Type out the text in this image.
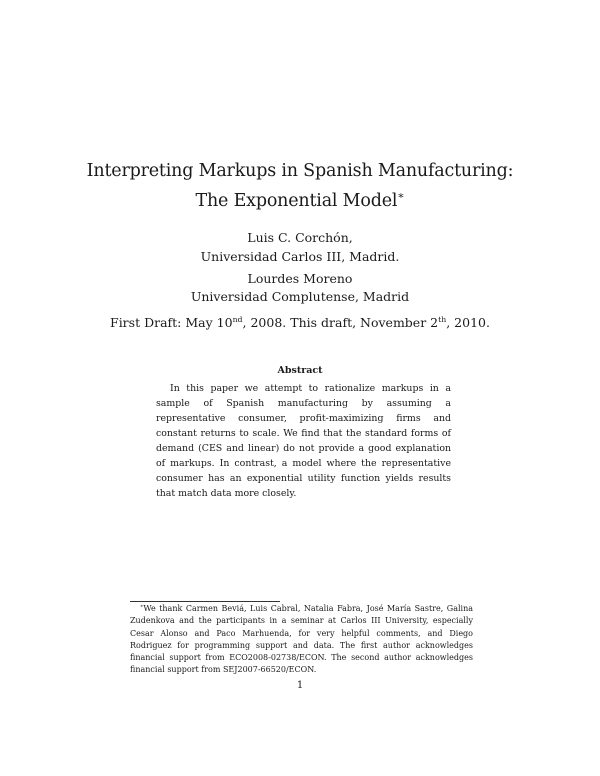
Interpreting Markups in Spanish Manufacturing:
The Exponential Model∗
Luis C. Corchón,
Universidad Carlos III, Madrid.
Lourdes Moreno
Universidad Complutense, Madrid
First Draft: May 10nd, 2008. This draft, November 2th, 2010.
Abstract

In this paper we attempt to rationalize markups in a sample of Spanish manufacturing by assuming a representative consumer, profit-maximizing firms and constant returns to scale. We find that the standard forms of demand (CES and linear) do not provide a good explanation of markups. In contrast, a model where the representative consumer has an exponential utility function yields results that match data more closely.

∗We thank Carmen Beviá, Luis Cabral, Natalia Fabra, José María Sastre, Galina Zudenkova and the participants in a seminar at Carlos III University, especially Cesar Alonso and Paco Marhuenda, for very helpful comments, and Diego Rodriguez for programming support and data. The first author acknowledges financial support from ECO2008-02738/ECON. The second author acknowledges financial support from SEJ2007-66520/ECON.

1
